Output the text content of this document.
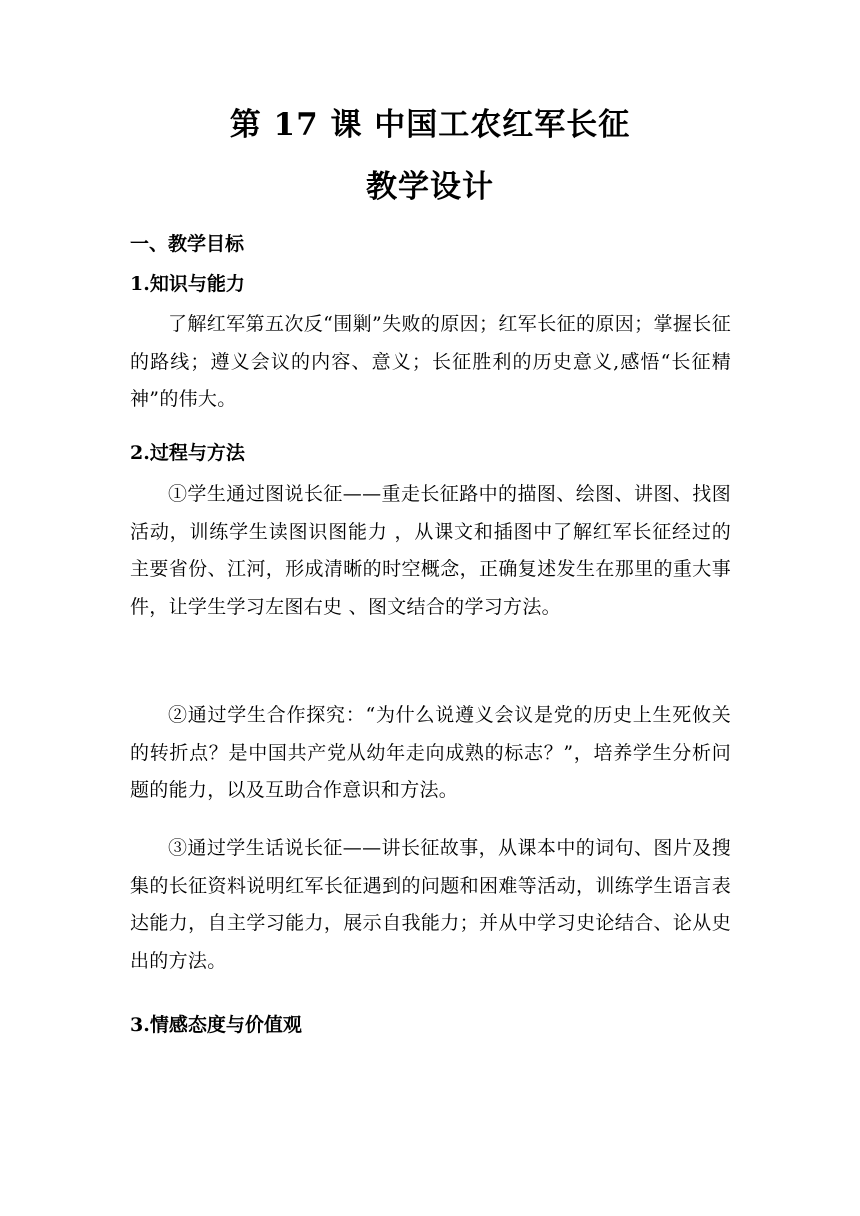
第 17 课 中国工农红军长征
教学设计
一、教学目标
1.知识与能力
了解红军第五次反“围剿”失败的原因；红军长征的原因；掌握长征的路线；遵义会议的内容、意义；长征胜利的历史意义,感悟“长征精神”的伟大。
2.过程与方法
①学生通过图说长征——重走长征路中的描图、绘图、讲图、找图活动，训练学生读图识图能力 ，从课文和插图中了解红军长征经过的主要省份、江河，形成清晰的时空概念，正确复述发生在那里的重大事件，让学生学习左图右史 、图文结合的学习方法。
②通过学生合作探究：“为什么说遵义会议是党的历史上生死攸关的转折点？是中国共产党从幼年走向成熟的标志？”，培养学生分析问题的能力，以及互助合作意识和方法。
③通过学生话说长征——讲长征故事，从课本中的词句、图片及搜集的长征资料说明红军长征遇到的问题和困难等活动，训练学生语言表达能力，自主学习能力，展示自我能力；并从中学习史论结合、论从史出的方法。
3.情感态度与价值观
